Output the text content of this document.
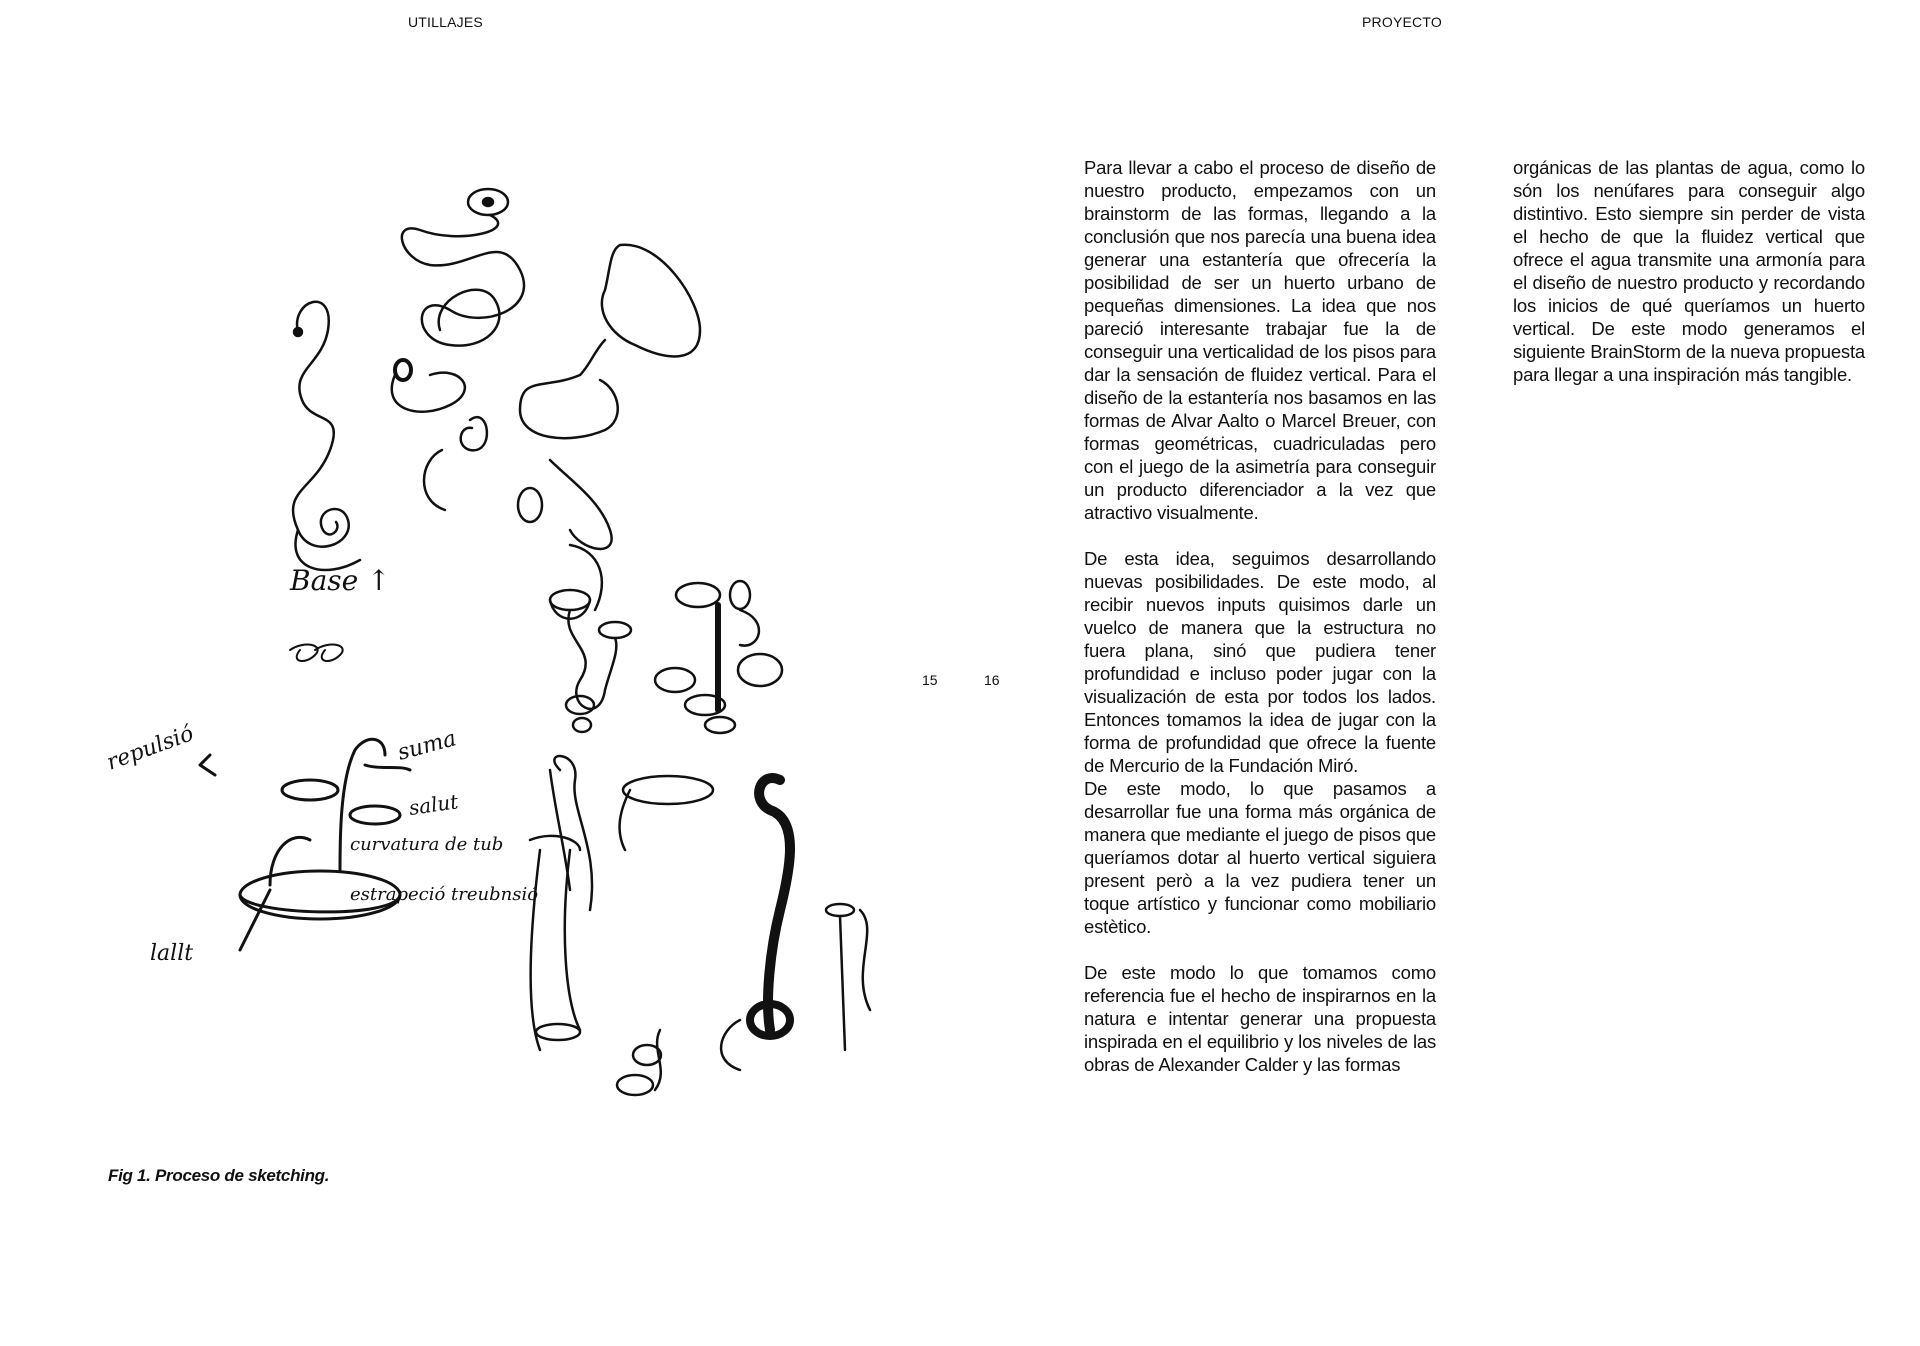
UTILLAJES	PROYECTO
Base ↑
repulsió	suma
salut
curvatura de tub
estrapeció treubnsió
lallt
15	16
Fig 1. Proceso de sketching.

Para llevar a cabo el proceso de diseño de nuestro producto, empezamos con un brainstorm de las formas, llegando a la conclusión que nos parecía una buena idea generar una estantería que ofrecería la posibilidad de ser un huerto urbano de pequeñas dimensiones. La idea que nos pareció interesante trabajar fue la de conseguir una verticalidad de los pisos para dar la sensación de fluidez vertical. Para el diseño de la estantería nos basamos en las formas de Alvar Aalto o Marcel Breuer, con formas geométricas, cuadriculadas pero con el juego de la asimetría para conseguir un producto diferenciador a la vez que atractivo visualmente.

De esta idea, seguimos desarrollando nuevas posibilidades. De este modo, al recibir nuevos inputs quisimos darle un vuelco de manera que la estructura no fuera plana, sinó que pudiera tener profundidad e incluso poder jugar con la visualización de esta por todos los lados. Entonces tomamos la idea de jugar con la forma de profundidad que ofrece la fuente de Mercurio de la Fundación Miró.

De este modo, lo que pasamos a desarrollar fue una forma más orgánica de manera que mediante el juego de pisos que queríamos dotar al huerto vertical siguiera present però a la vez pudiera tener un toque artístico y funcionar como mobiliario estètico.

De este modo lo que tomamos como referencia fue el hecho de inspirarnos en la natura e intentar generar una propuesta inspirada en el equilibrio y los niveles de las obras de Alexander Calder y las formas

orgánicas de las plantas de agua, como lo són los nenúfares para conseguir algo distintivo. Esto siempre sin perder de vista el hecho de que la fluidez vertical que ofrece el agua transmite una armonía para el diseño de nuestro producto y recordando los inicios de qué queríamos un huerto vertical. De este modo generamos el siguiente BrainStorm de la nueva propuesta para llegar a una inspiración más tangible.
